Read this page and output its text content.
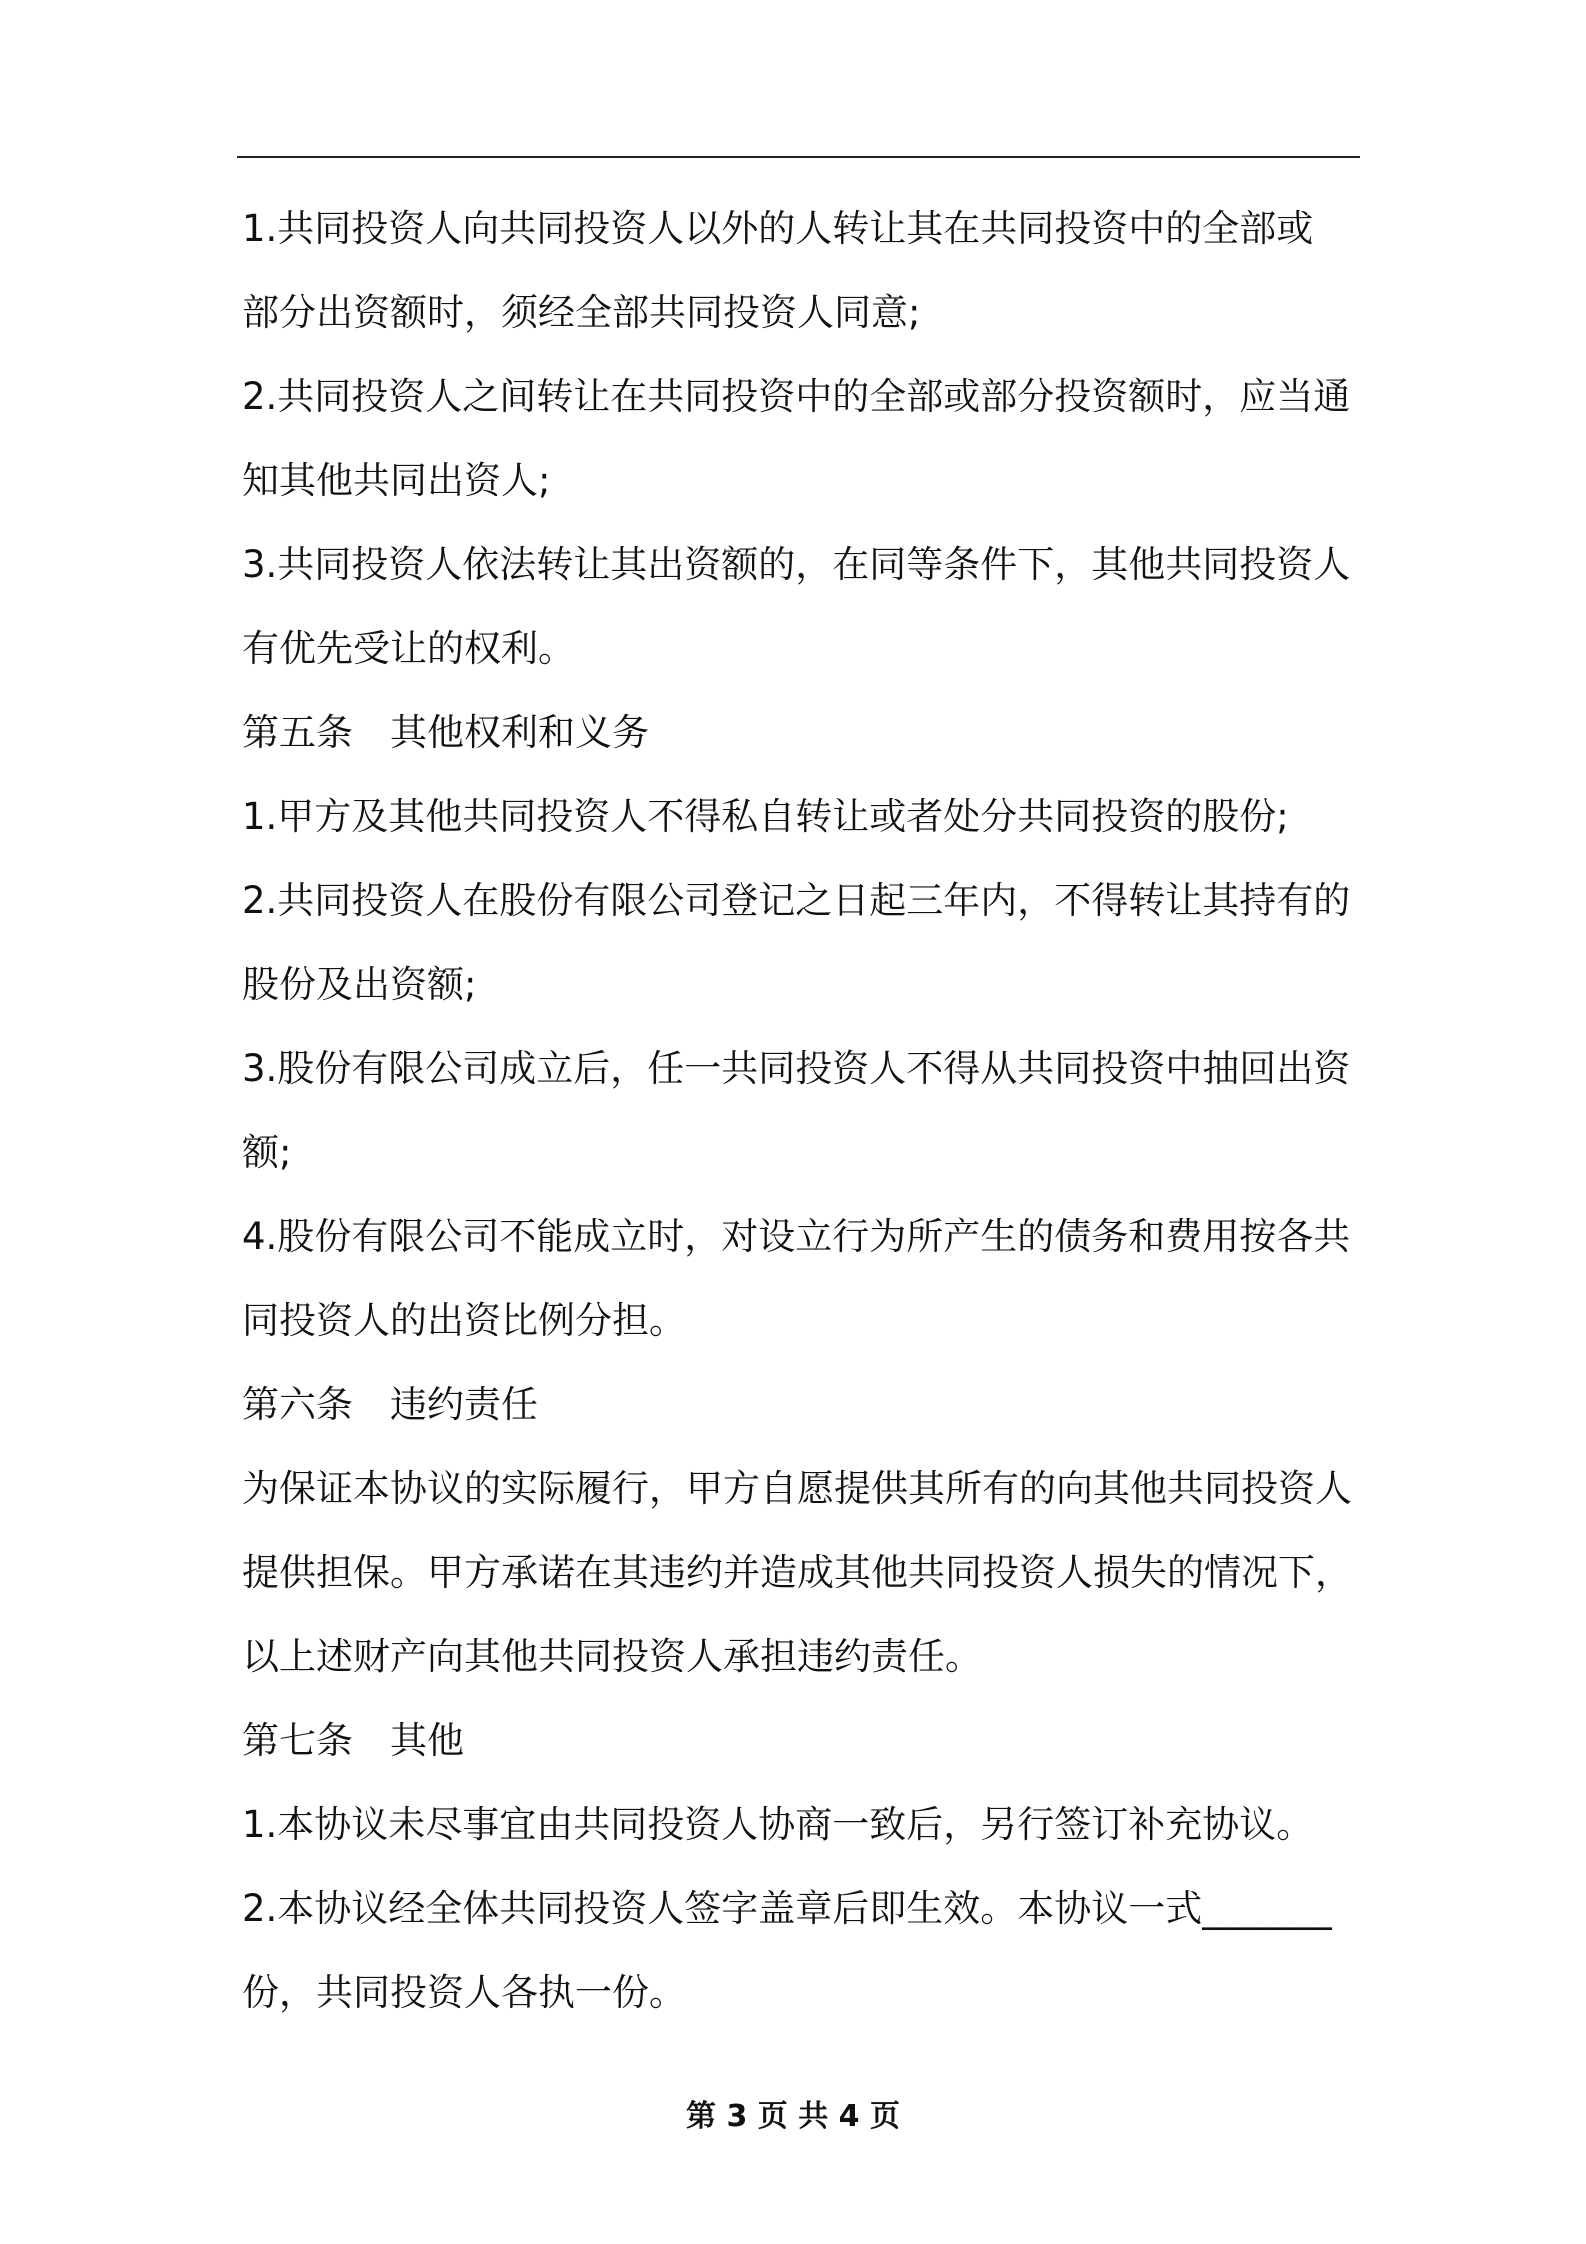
1.共同投资人向共同投资人以外的人转让其在共同投资中的全部或
部分出资额时，须经全部共同投资人同意;
2.共同投资人之间转让在共同投资中的全部或部分投资额时，应当通
知其他共同出资人;
3.共同投资人依法转让其出资额的，在同等条件下，其他共同投资人
有优先受让的权利。
第五条　其他权利和义务
1.甲方及其他共同投资人不得私自转让或者处分共同投资的股份;
2.共同投资人在股份有限公司登记之日起三年内，不得转让其持有的
股份及出资额;
3.股份有限公司成立后，任一共同投资人不得从共同投资中抽回出资
额;
4.股份有限公司不能成立时，对设立行为所产生的债务和费用按各共
同投资人的出资比例分担。
第六条　违约责任
为保证本协议的实际履行，甲方自愿提供其所有的向其他共同投资人
提供担保。甲方承诺在其违约并造成其他共同投资人损失的情况下，
以上述财产向其他共同投资人承担违约责任。
第七条　其他
1.本协议未尽事宜由共同投资人协商一致后，另行签订补充协议。
2.本协议经全体共同投资人签字盖章后即生效。本协议一式_______
份，共同投资人各执一份。
第 3 页 共 4 页
